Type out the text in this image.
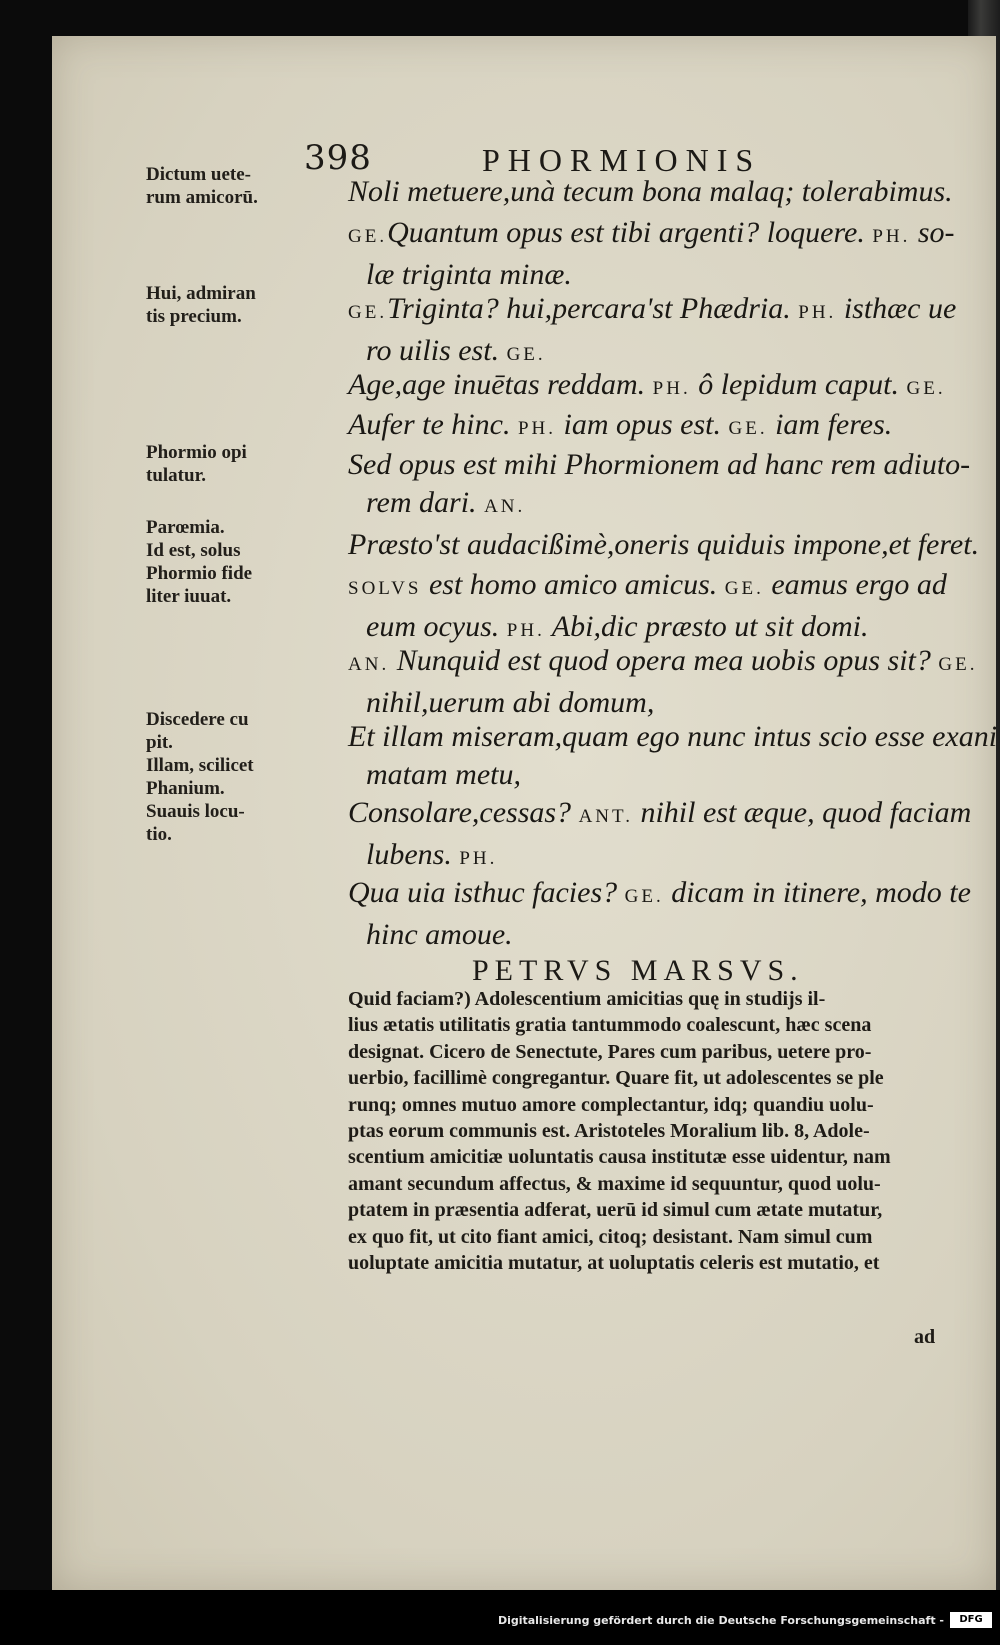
398	PHORMIONIS
Dictum uete-
rum amicorū.
Hui, admiran
tis precium.
Phormio opi
tulatur.
Parœmia.
Id est, solus
Phormio fide
liter iuuat.
Discedere cu
pit.
Illam, scilicet
Phanium.
Suauis locu-
tio.
Noli metuere,unà tecum bona malaq; tolerabimus.
GE.Quantum opus est tibi argenti? loquere. PH. so-
læ triginta minæ.
GE.Triginta? hui,percara'st Phædria. PH. isthæc ue
ro uilis est. GE.
Age,age inuētas reddam. PH. ô lepidum caput. GE.
Aufer te hinc. PH. iam opus est. GE. iam feres.
Sed opus est mihi Phormionem ad hanc rem adiuto-
rem dari. AN.
Præsto'st audacißimè,oneris quiduis impone,et feret.
SOLVS est homo amico amicus. GE. eamus ergo ad
eum ocyus. PH. Abi,dic præsto ut sit domi.
AN. Nunquid est quod opera mea uobis opus sit? GE.
nihil,uerum abi domum,
Et illam miseram,quam ego nunc intus scio esse exani
matam metu,
Consolare,cessas? ANT. nihil est æque, quod faciam
lubens. PH.
Qua uia isthuc facies? GE. dicam in itinere, modo te
hinc amoue.
PETRVS MARSVS.
Quid faciam?) Adolescentium amicitias quę in studijs il-
lius ætatis utilitatis gratia tantummodo coalescunt, hæc scena
designat. Cicero de Senectute, Pares cum paribus, uetere pro-
uerbio, facillimè congregantur. Quare fit, ut adolescentes se ple
runq; omnes mutuo amore complectantur, idq; quandiu uolu-
ptas eorum communis est. Aristoteles Moralium lib. 8, Adole-
scentium amicitiæ uoluntatis causa institutæ esse uidentur, nam
amant secundum affectus, & maxime id sequuntur, quod uolu-
ptatem in præsentia adferat, uerū id simul cum ætate mutatur,
ex quo fit, ut cito fiant amici, citoq; desistant. Nam simul cum
uoluptate amicitia mutatur, at uoluptatis celeris est mutatio, et
ad
Digitalisierung gefördert durch die Deutsche Forschungsgemeinschaft -	DFG
